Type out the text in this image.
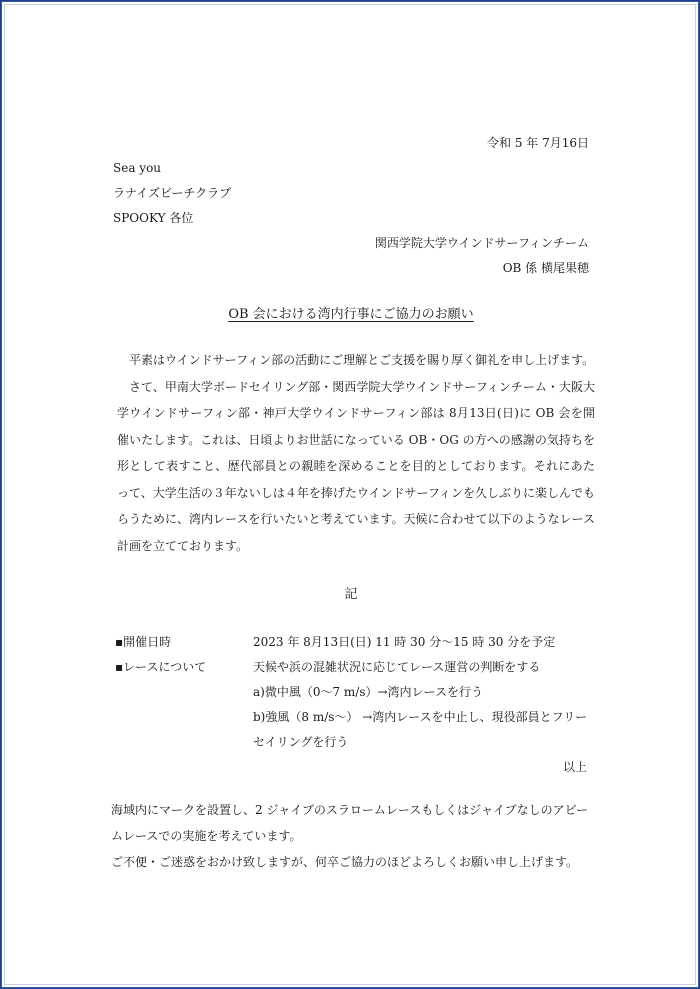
令和 5 年 7月16日
Sea you
ラナイズビーチクラブ
SPOOKY 各位
関西学院大学ウインドサーフィンチーム
OB 係 横尾果穂
OB 会における湾内行事にご協力のお願い

平素はウインドサーフィン部の活動にご理解とご支援を賜り厚く御礼を申し上げます。

さて、甲南大学ボードセイリング部・関西学院大学ウインドサーフィンチーム・大阪大学ウインドサーフィン部・神戸大学ウインドサーフィン部は 8月13日(日)に OB 会を開催いたします。これは、日頃よりお世話になっている OB・OG の方への感謝の気持ちを形として表すこと、歴代部員との親睦を深めることを目的としております。それにあたって、大学生活の３年ないしは４年を捧げたウインドサーフィンを久しぶりに楽しんでもらうために、湾内レースを行いたいと考えています。天候に合わせて以下のようなレース計画を立てております。

記
▪開催日時	2023 年 8月13日(日) 11 時 30 分～15 時 30 分を予定
▪レースについて	天候や浜の混雑状況に応じてレース運営の判断をする
a)微中風（0～7 m/s）→湾内レースを行う
b)強風（8 m/s～） →湾内レースを中止し、現役部員とフリー
セイリングを行う
以上

海域内にマークを設置し、2 ジャイブのスラロームレースもしくはジャイブなしのアビー

ムレースでの実施を考えています。

ご不便・ご迷惑をおかけ致しますが、何卒ご協力のほどよろしくお願い申し上げます。
